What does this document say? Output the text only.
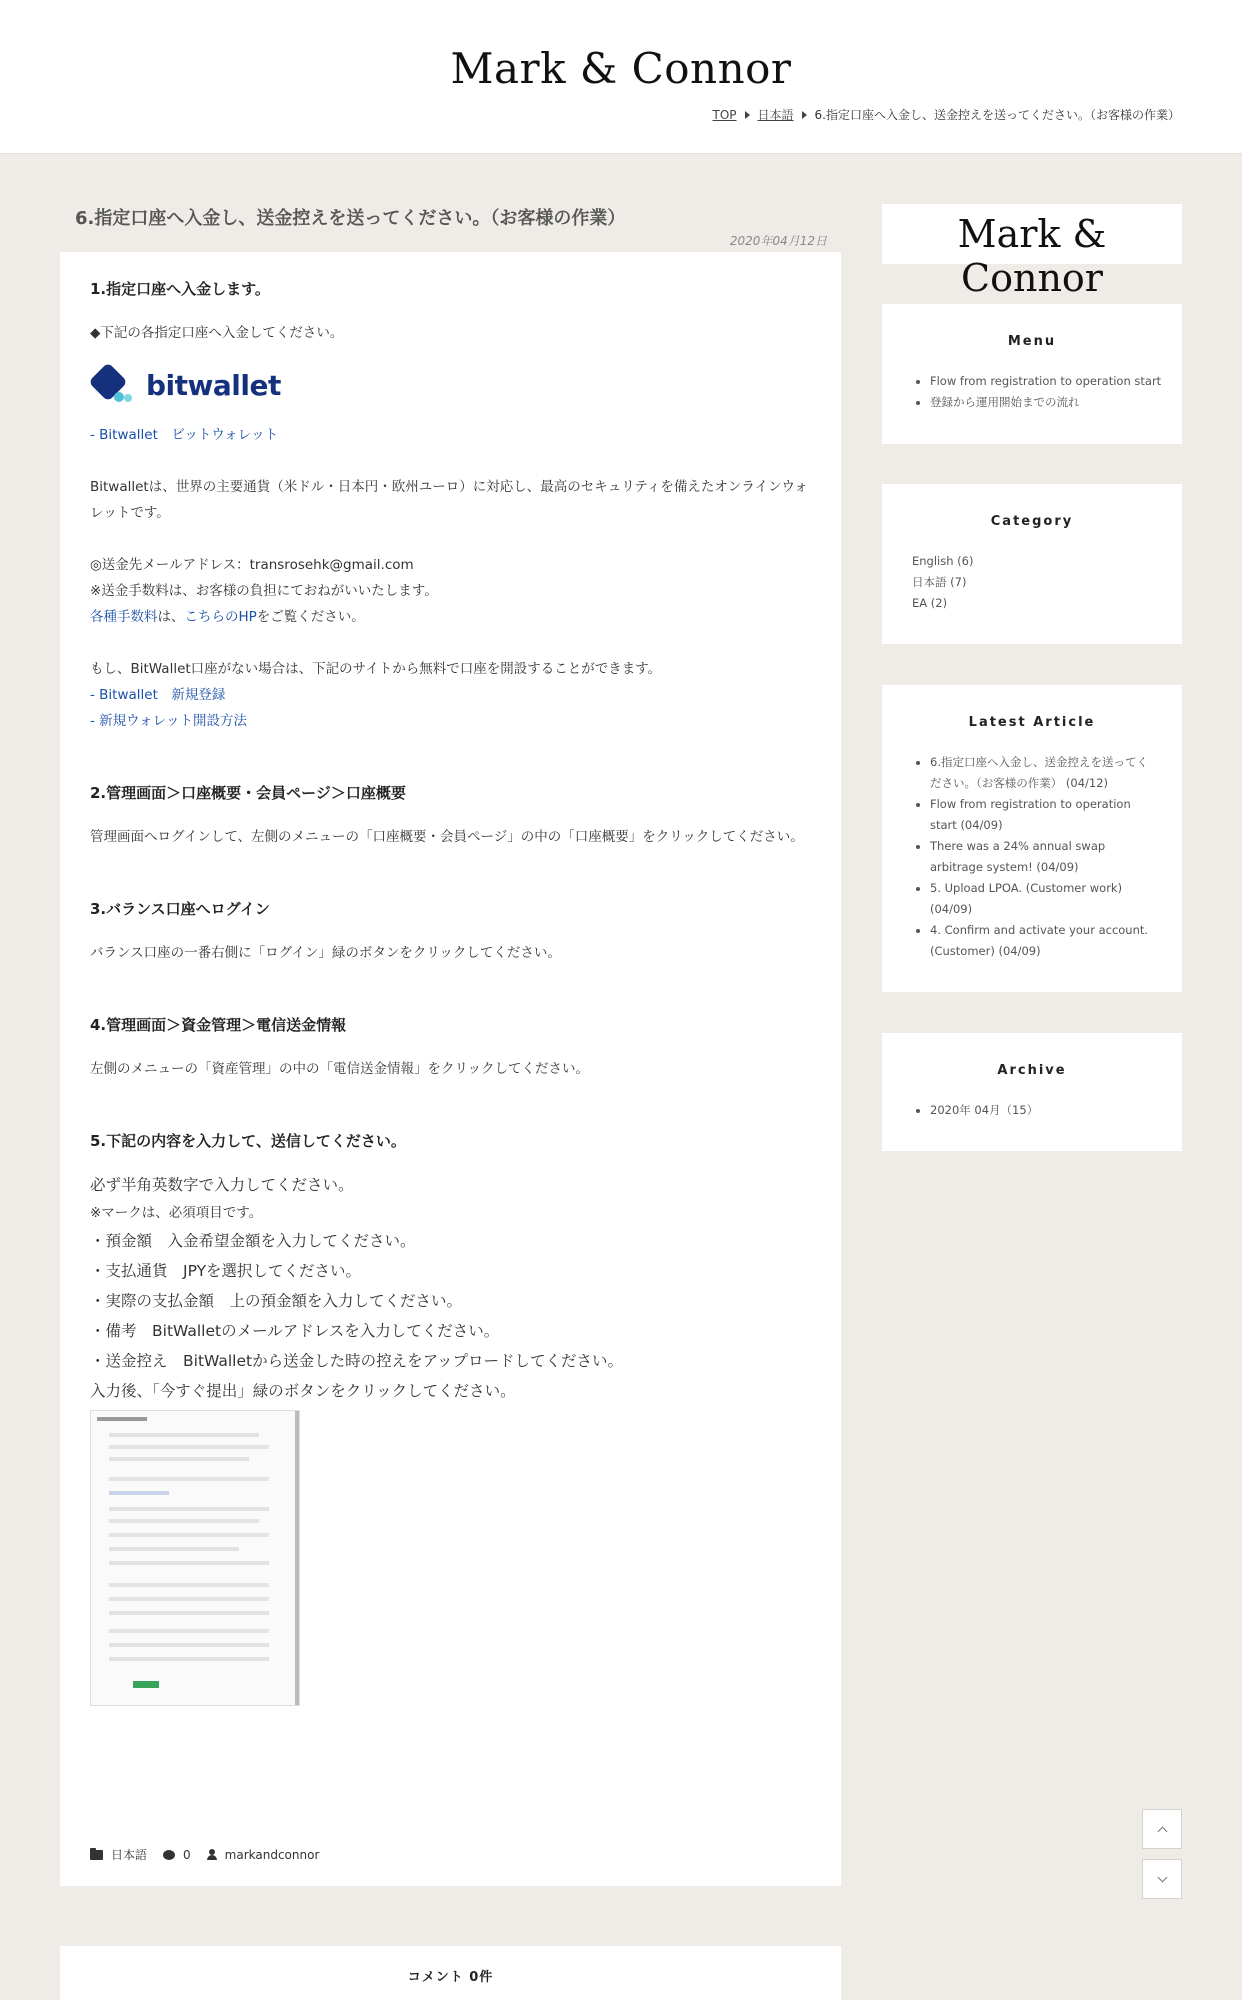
Mark & Connor
TOP 日本語 6.指定口座へ入金し、送金控えを送ってください。（お客様の作業）
6.指定口座へ入金し、送金控えを送ってください。（お客様の作業）
2020年04月12日
1.指定口座へ入金します。
◆下記の各指定口座へ入金してください。
bitwallet
- Bitwallet　ビットウォレット
Bitwalletは、世界の主要通貨（米ドル・日本円・欧州ユーロ）に対応し、最高のセキュリティを備えたオンラインウォレットです。
◎送金先メールアドレス：transrosehk@gmail.com
※送金手数料は、お客様の負担にておねがいいたします。
各種手数料は、こちらのHPをご覧ください。
もし、BitWallet口座がない場合は、下記のサイトから無料で口座を開設することができます。
- Bitwallet　新規登録
- 新規ウォレット開設方法
2.管理画面＞口座概要・会員ページ＞口座概要
管理画面へログインして、左側のメニューの「口座概要・会員ページ」の中の「口座概要」をクリックしてください。
3.バランス口座へログイン
バランス口座の一番右側に「ログイン」緑のボタンをクリックしてください。
4.管理画面＞資金管理＞電信送金情報
左側のメニューの「資産管理」の中の「電信送金情報」をクリックしてください。
5.下記の内容を入力して、送信してください。
必ず半角英数字で入力してください。
※マークは、必須項目です。
・預金額　入金希望金額を入力してください。
・支払通貨　JPYを選択してください。
・実際の支払金額　上の預金額を入力してください。
・備考　BitWalletのメールアドレスを入力してください。
・送金控え　BitWalletから送金した時の控えをアップロードしてください。
入力後、「今すぐ提出」緑のボタンをクリックしてください。
日本語	0	markandconnor
コメント 0件
Mark & Connor
Menu
• Flow from registration to operation start
• 登録から運用開始までの流れ
Category
English (6)
日本語 (7)
EA (2)
Latest Article
• 6.指定口座へ入金し、送金控えを送ってください。（お客様の作業） (04/12)
• Flow from registration to operation start (04/09)
• There was a 24% annual swap arbitrage system! (04/09)
• 5. Upload LPOA. (Customer work) (04/09)
• 4. Confirm and activate your account. (Customer) (04/09)
Archive
• 2020年 04月（15）
